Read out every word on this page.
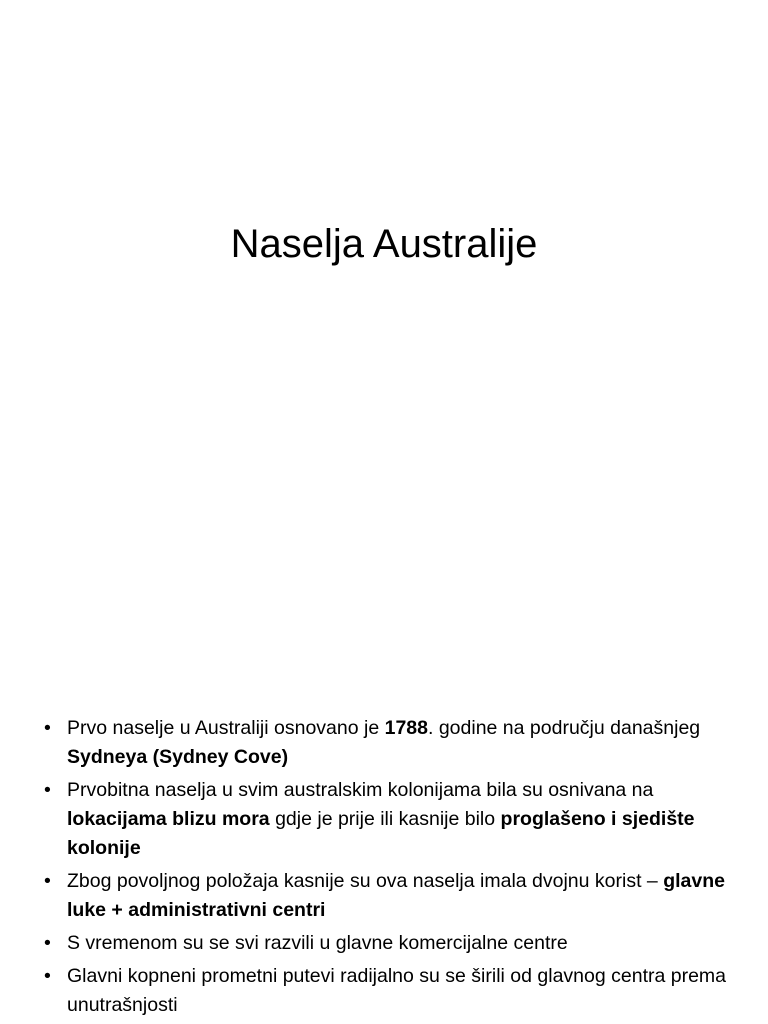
Naselja Australije
• Prvo naselje u Australiji osnovano je 1788. godine na području današnjeg Sydneya (Sydney Cove)
• Prvobitna naselja u svim australskim kolonijama bila su osnivana na lokacijama blizu mora gdje je prije ili kasnije bilo proglašeno i sjedište kolonije
• Zbog povoljnog položaja kasnije su ova naselja imala dvojnu korist – glavne luke + administrativni centri
• S vremenom su se svi razvili u glavne komercijalne centre
• Glavni kopneni prometni putevi radijalno su se širili od glavnog centra prema unutrašnjosti
